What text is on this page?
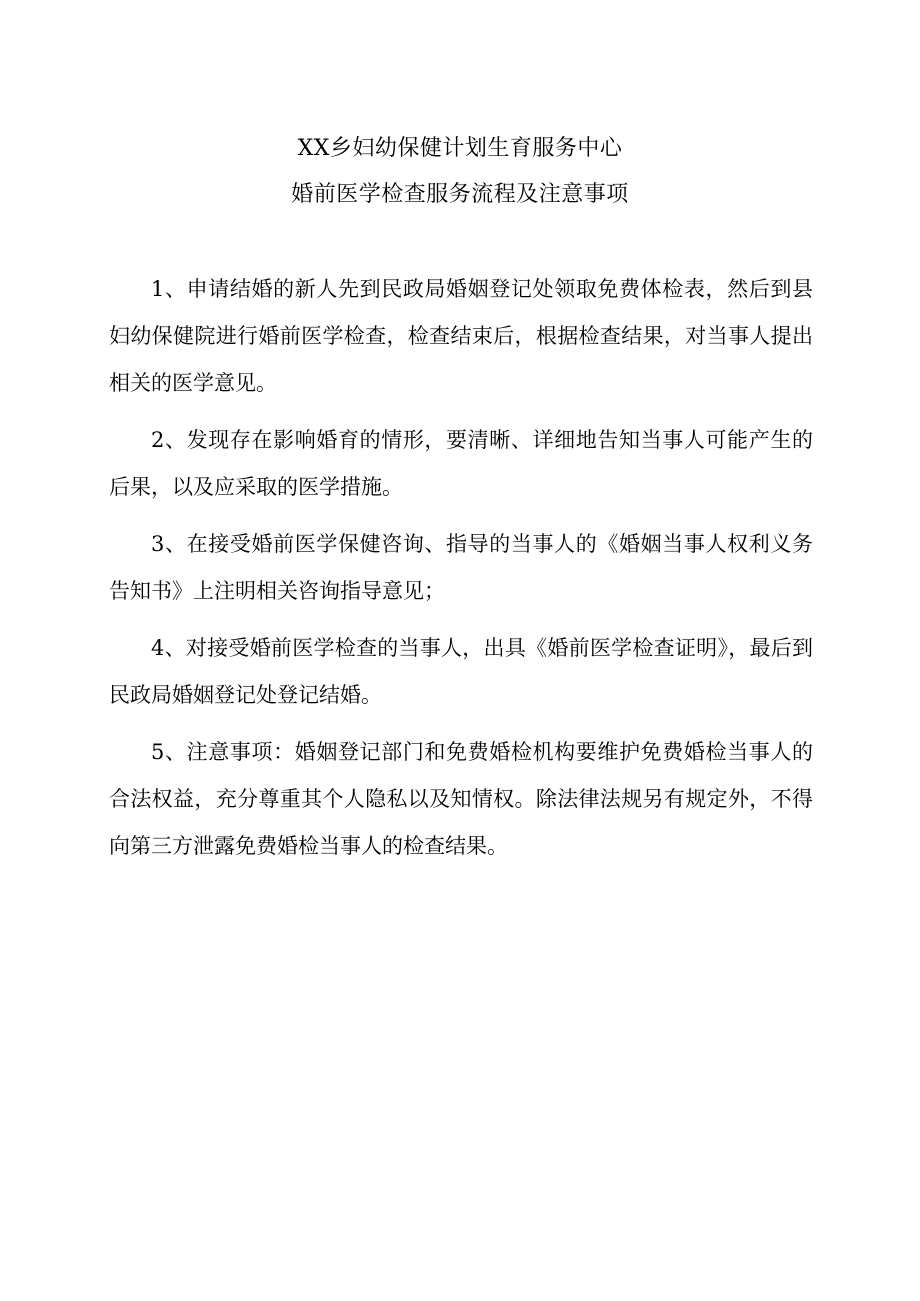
XX乡妇幼保健计划生育服务中心
婚前医学检查服务流程及注意事项

1、申请结婚的新人先到民政局婚姻登记处领取免费体检表，然后到县妇幼保健院进行婚前医学检查，检查结束后，根据检查结果，对当事人提出相关的医学意见。

2、发现存在影响婚育的情形，要清晰、详细地告知当事人可能产生的后果，以及应采取的医学措施。

3、在接受婚前医学保健咨询、指导的当事人的《婚姻当事人权利义务告知书》上注明相关咨询指导意见；

4、对接受婚前医学检查的当事人，出具《婚前医学检查证明》，最后到民政局婚姻登记处登记结婚。

5、注意事项：婚姻登记部门和免费婚检机构要维护免费婚检当事人的合法权益，充分尊重其个人隐私以及知情权。除法律法规另有规定外，不得向第三方泄露免费婚检当事人的检查结果。
